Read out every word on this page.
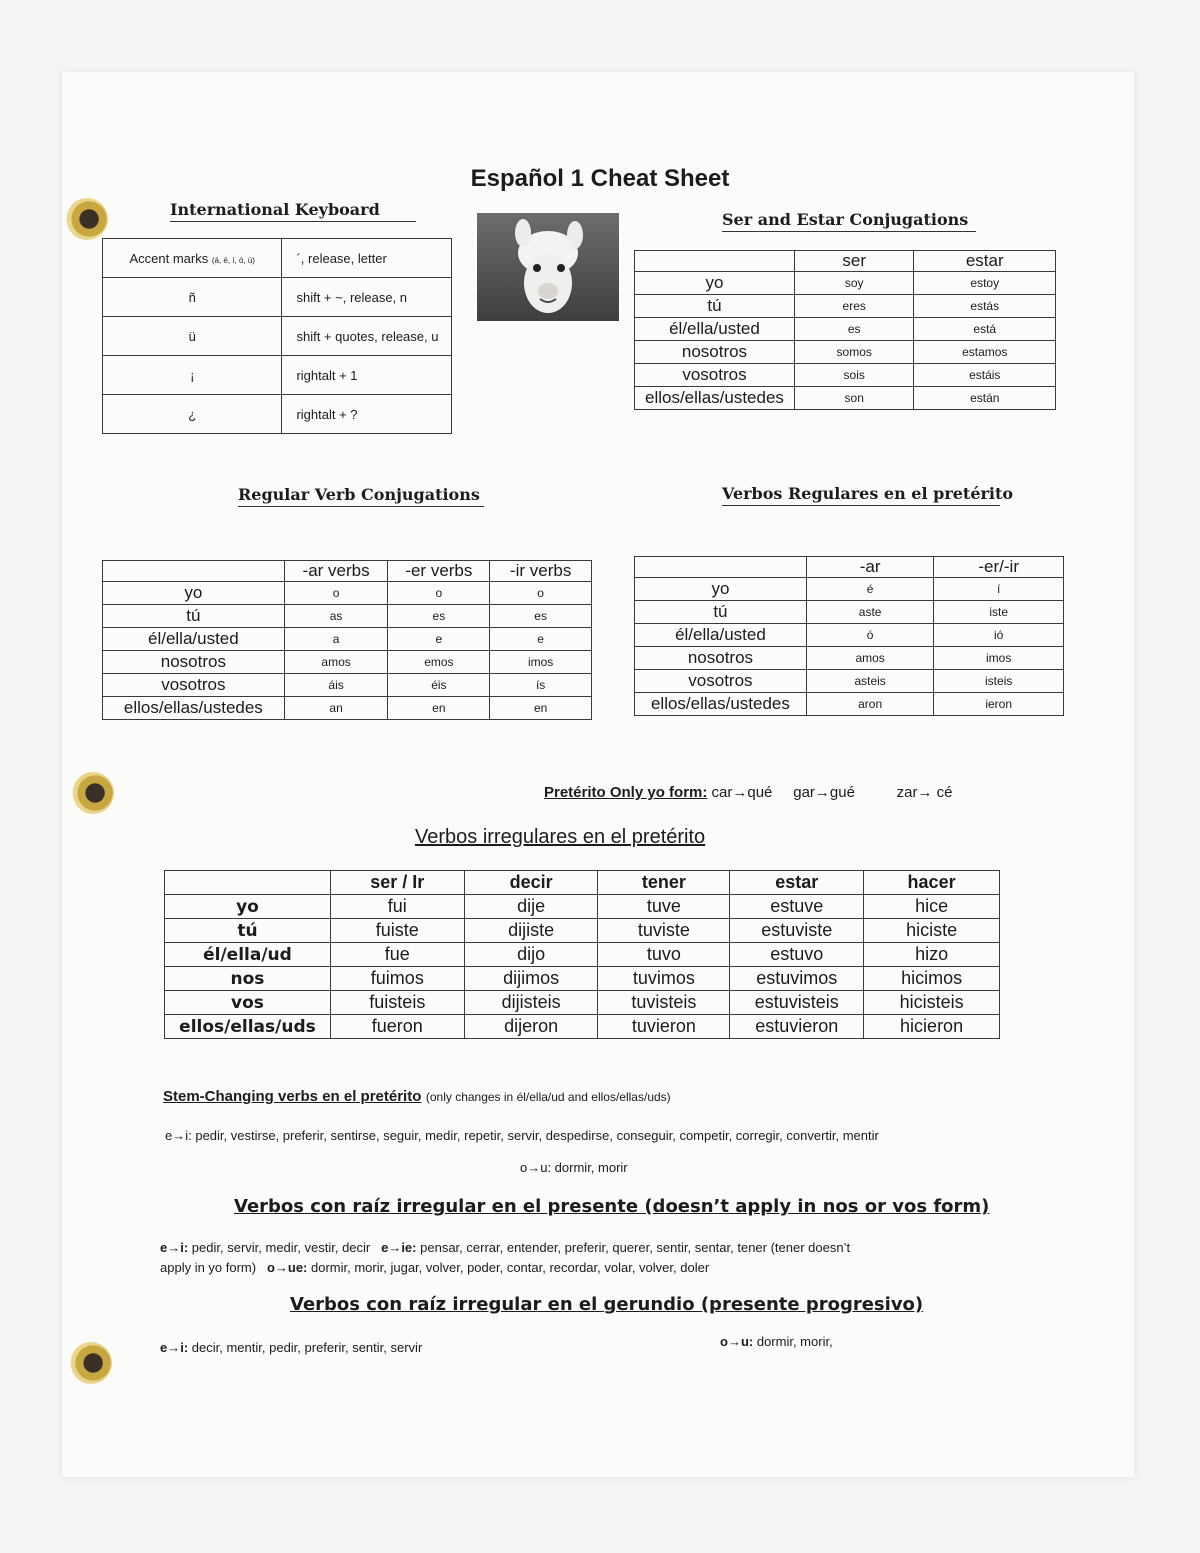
Español 1 Cheat Sheet
International Keyboard
Accent marks (á, é, í, ó, ú)	´, release, letter
ñ	shift + ~, release, n
ü	shift + quotes, release, u
¡	rightalt + 1
¿	rightalt + ?
Ser and Estar Conjugations
	ser	estar
yo	soy	estoy
tú	eres	estás
él/ella/usted	es	está
nosotros	somos	estamos
vosotros	sois	estáis
ellos/ellas/ustedes	son	están
Regular Verb Conjugations
	-ar verbs	-er verbs	-ir verbs
yo	o	o	o
tú	as	es	es
él/ella/usted	a	e	e
nosotros	amos	emos	imos
vosotros	áis	éis	ís
ellos/ellas/ustedes	an	en	en
Verbos Regulares en el pretérito
	-ar	-er/-ir
yo	é	í
tú	aste	iste
él/ella/usted	ó	ió
nosotros	amos	imos
vosotros	asteis	isteis
ellos/ellas/ustedes	aron	ieron
Pretérito Only yo form: car→qué gar→gué	zar→ cé
Verbos irregulares en el pretérito
	ser / Ir	decir	tener	estar	hacer
yo	fui	dije	tuve	estuve	hice
tú	fuiste	dijiste	tuviste	estuviste	hiciste
él/ella/ud	fue	dijo	tuvo	estuvo	hizo
nos	fuimos	dijimos	tuvimos	estuvimos	hicimos
vos	fuisteis	dijisteis	tuvisteis	estuvisteis	hicisteis
ellos/ellas/uds	fueron	dijeron	tuvieron	estuvieron	hicieron
Stem-Changing verbs en el pretérito (only changes in él/ella/ud and ellos/ellas/uds)
e→i: pedir, vestirse, preferir, sentirse, seguir, medir, repetir, servir, despedirse, conseguir, competir, corregir, convertir, mentir
o→u: dormir, morir
Verbos con raíz irregular en el presente (doesn’t apply in nos or vos form)
e→i: pedir, servir, medir, vestir, decir e→ie: pensar, cerrar, entender, preferir, querer, sentir, sentar, tener (tener doesn’t
apply in yo form) o→ue: dormir, morir, jugar, volver, poder, contar, recordar, volar, volver, doler
Verbos con raíz irregular en el gerundio (presente progresivo)
e→i: decir, mentir, pedir, preferir, sentir, servir	o→u: dormir, morir,
